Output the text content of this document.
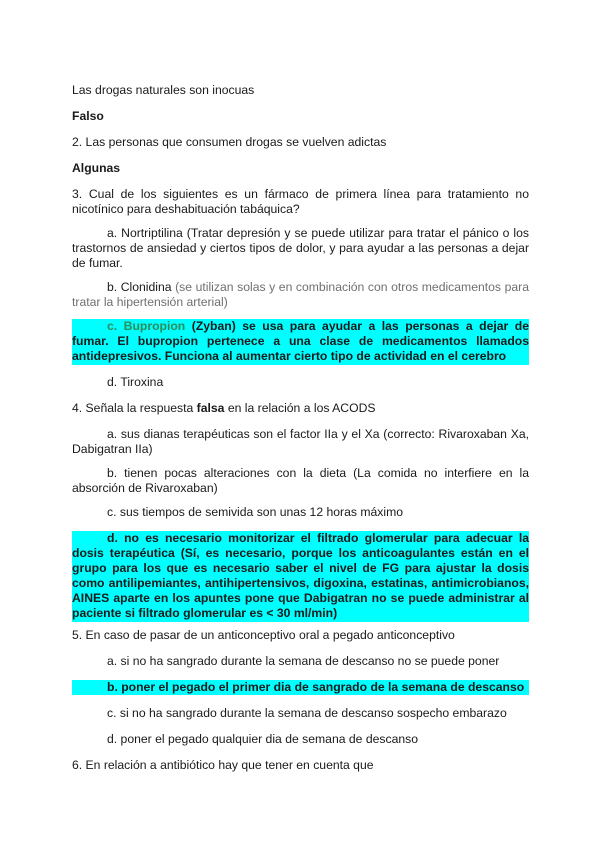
Las drogas naturales son inocuas

Falso

2. Las personas que consumen drogas se vuelven adictas

Algunas

3. Cual de los siguientes es un fármaco de primera línea para tratamiento no nicotínico para deshabituación tabáquica?

a. Nortriptilina (Tratar depresión y se puede utilizar para tratar el pánico o los trastornos de ansiedad y ciertos tipos de dolor, y para ayudar a las personas a dejar de fumar.

b. Clonidina (se utilizan solas y en combinación con otros medicamentos para tratar la hipertensión arterial)

c. Bupropion (Zyban) se usa para ayudar a las personas a dejar de fumar. El bupropion pertenece a una clase de medicamentos llamados antidepresivos. Funciona al aumentar cierto tipo de actividad en el cerebro

d. Tiroxina

4. Señala la respuesta falsa en la relación a los ACODS

a. sus dianas terapéuticas son el factor IIa y el Xa (correcto: Rivaroxaban Xa, Dabigatran IIa)

b. tienen pocas alteraciones con la dieta (La comida no interfiere en la absorción de Rivaroxaban)

c. sus tiempos de semivida son unas 12 horas máximo

d. no es necesario monitorizar el filtrado glomerular para adecuar la dosis terapéutica (Sí, es necesario, porque los anticoagulantes están en el grupo para los que es necesario saber el nivel de FG para ajustar la dosis como antilipemiantes, antihipertensivos, digoxina, estatinas, antimicrobianos, AINES aparte en los apuntes pone que Dabigatran no se puede administrar al paciente si filtrado glomerular es < 30 ml/min)

5. En caso de pasar de un anticonceptivo oral a pegado anticonceptivo

a. si no ha sangrado durante la semana de descanso no se puede poner

b. poner el pegado el primer dia de sangrado de la semana de descanso

c. si no ha sangrado durante la semana de descanso sospecho embarazo

d. poner el pegado qualquier dia de semana de descanso

6. En relación a antibiótico hay que tener en cuenta que
